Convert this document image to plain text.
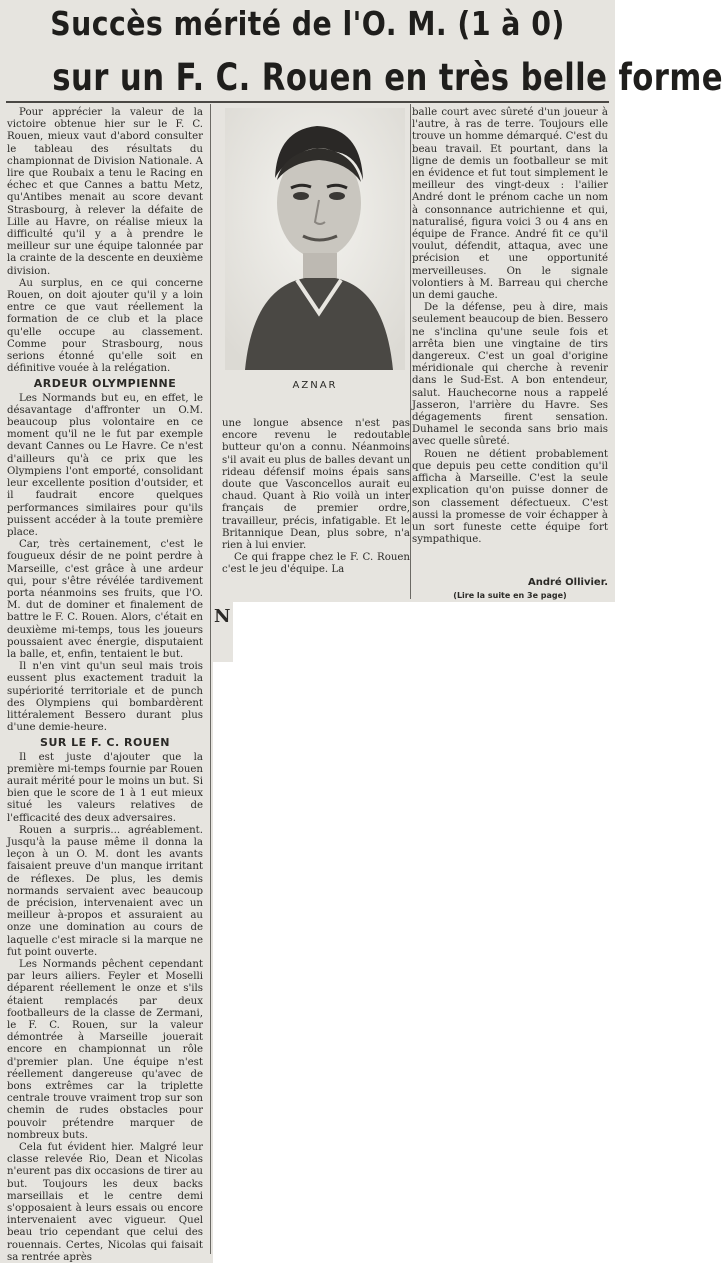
Succès mérité de l'O. M. (1 à 0)
sur un F. C. Rouen en très belle forme

Pour apprécier la valeur de la victoire obtenue hier sur le F. C. Rouen, mieux vaut d'abord consulter le tableau des résultats du championnat de Division Nationale. A lire que Roubaix a tenu le Racing en échec et que Cannes a battu Metz, qu'Antibes menait au score devant Strasbourg, à relever la défaite de Lille au Havre, on réalise mieux la difficulté qu'il y a à prendre le meilleur sur une équipe talonnée par la crainte de la descente en deuxième division.

Au surplus, en ce qui concerne Rouen, on doit ajouter qu'il y a loin entre ce que vaut réellement la formation de ce club et la place qu'elle occupe au classement. Comme pour Strasbourg, nous serions étonné qu'elle soit en définitive vouée à la relégation.

ARDEUR OLYMPIENNE

Les Normands but eu, en effet, le désavantage d'affronter un O.M. beaucoup plus volontaire en ce moment qu'il ne le fut par exemple devant Cannes ou Le Havre. Ce n'est d'ailleurs qu'à ce prix que les Olympiens l'ont emporté, consolidant leur excellente position d'outsider, et il faudrait encore quelques performances similaires pour qu'ils puissent accéder à la toute première place.

Car, très certainement, c'est le fougueux désir de ne point perdre à Marseille, c'est grâce à une ardeur qui, pour s'être révélée tardivement porta néanmoins ses fruits, que l'O. M. dut de dominer et finalement de battre le F. C. Rouen. Alors, c'était en deuxième mi-temps, tous les joueurs poussaient avec énergie, disputaient la balle, et, enfin, tentaient le but.

Il n'en vint qu'un seul mais trois eussent plus exactement traduit la supériorité territoriale et de punch des Olympiens qui bombardèrent littéralement Bessero durant plus d'une demie-heure.

SUR LE F. C. ROUEN

Il est juste d'ajouter que la première mi-temps fournie par Rouen aurait mérité pour le moins un but. Si bien que le score de 1 à 1 eut mieux situé les valeurs relatives de l'efficacité des deux adversaires.

Rouen a surpris... agréablement. Jusqu'à la pause même il donna la leçon à un O. M. dont les avants faisaient preuve d'un manque irritant de réflexes. De plus, les demis normands servaient avec beaucoup de précision, intervenaient avec un meilleur à-propos et assuraient au onze une domination au cours de laquelle c'est miracle si la marque ne fut point ouverte.

Les Normands pêchent cependant par leurs ailiers. Feyler et Moselli déparent réellement le onze et s'ils étaient remplacés par deux footballeurs de la classe de Zermani, le F. C. Rouen, sur la valeur démontrée à Marseille jouerait encore en championnat un rôle d'premier plan. Une équipe n'est réellement dangereuse qu'avec de bons extrêmes car la triplette centrale trouve vraiment trop sur son chemin de rudes obstacles pour pouvoir prétendre marquer de nombreux buts.

Cela fut évident hier. Malgré leur classe relevée Rio, Dean et Nicolas n'eurent pas dix occasions de tirer au but. Toujours les deux backs marseillais et le centre demi s'opposaient à leurs essais ou encore intervenaient avec vigueur. Quel beau trio cependant que celui des rouennais. Certes, Nicolas qui faisait sa rentrée après

AZNAR

une longue absence n'est pas encore revenu le redoutable butteur qu'on a connu. Néanmoins s'il avait eu plus de balles devant un rideau défensif moins épais sans doute que Vasconcellos aurait eu chaud. Quant à Rio voilà un inter français de premier ordre, travailleur, précis, infatigable. Et le Britannique Dean, plus sobre, n'a rien à lui envier.

Ce qui frappe chez le F. C. Rouen c'est le jeu d'équipe. La

balle court avec sûreté d'un joueur à l'autre, à ras de terre. Toujours elle trouve un homme démarqué. C'est du beau travail. Et pourtant, dans la ligne de demis un footballeur se mit en évidence et fut tout simplement le meilleur des vingt-deux : l'ailier André dont le prénom cache un nom à consonnance autrichienne et qui, naturalisé, figura voici 3 ou 4 ans en équipe de France. André fit ce qu'il voulut, défendit, attaqua, avec une précision et une opportunité merveilleuses. On le signale volontiers à M. Barreau qui cherche un demi gauche.

De la défense, peu à dire, mais seulement beaucoup de bien. Bessero ne s'inclina qu'une seule fois et arrêta bien une vingtaine de tirs dangereux. C'est un goal d'origine méridionale qui cherche à revenir dans le Sud-Est. A bon entendeur, salut. Hauchecorne nous a rappelé Jasseron, l'arrière du Havre. Ses dégagements firent sensation. Duhamel le seconda sans brio mais avec quelle sûreté.

Rouen ne détient probablement que depuis peu cette condition qu'il afficha à Marseille. C'est la seule explication qu'on puisse donner de son classement défectueux. C'est aussi la promesse de voir échapper à un sort funeste cette équipe fort sympathique.

André Ollivier.
(Lire la suite en 3e page)
N
